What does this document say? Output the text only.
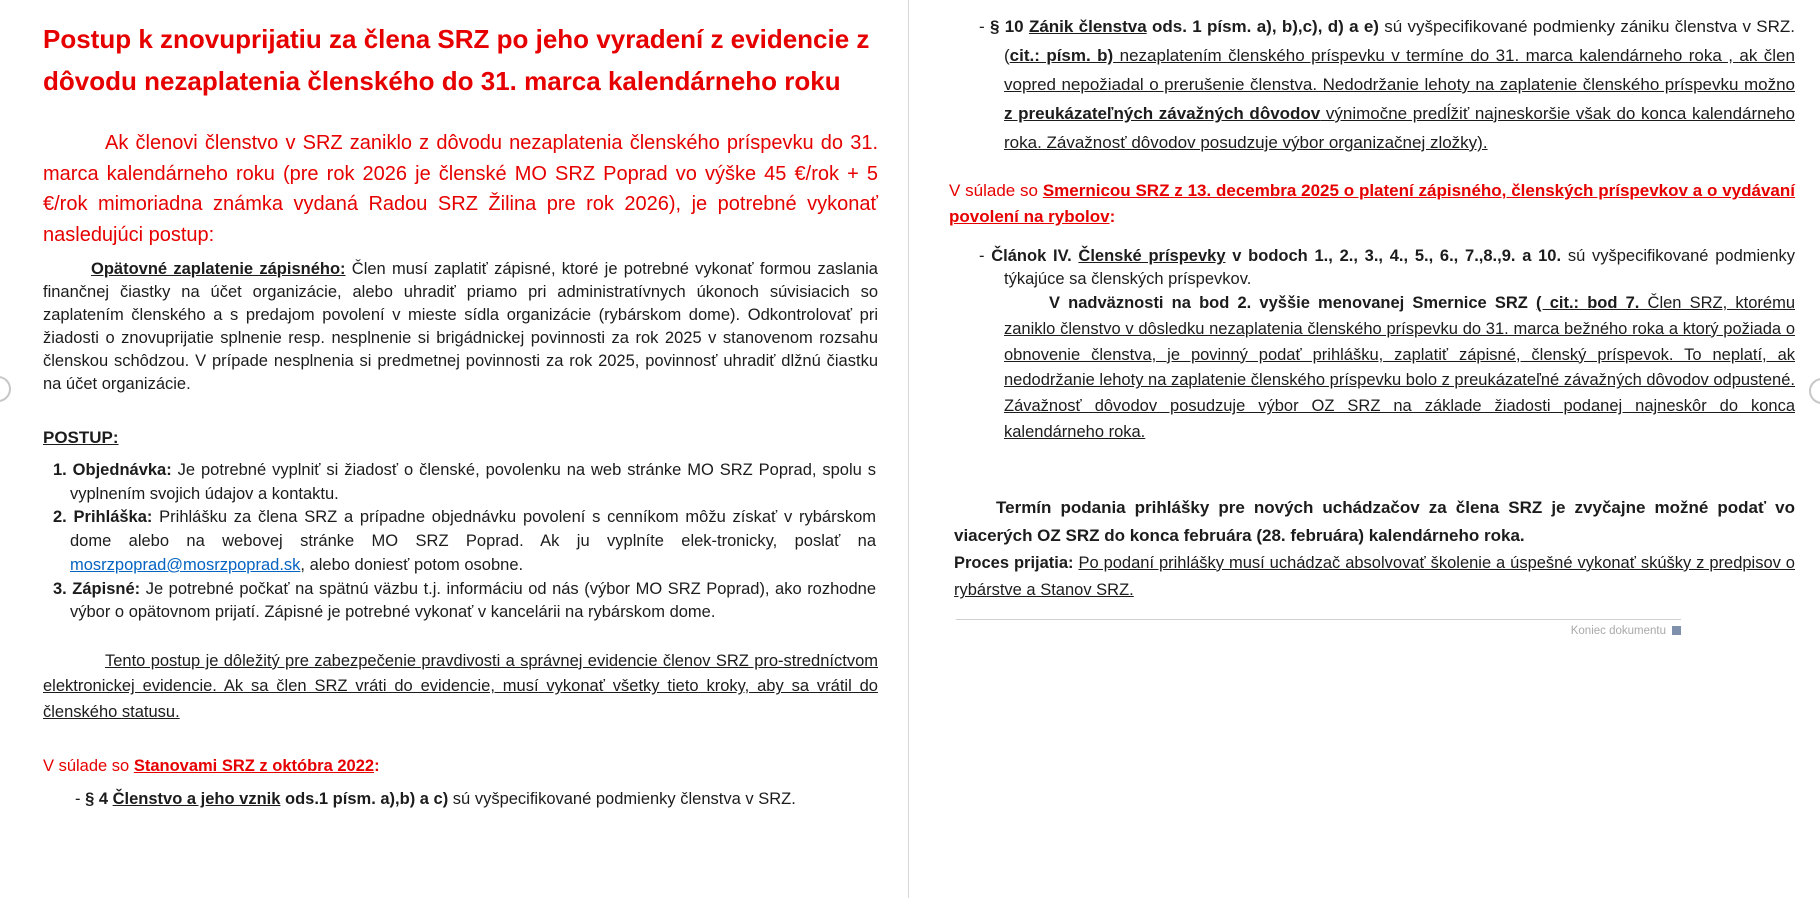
Postup k znovuprijatiu za člena SRZ po jeho vyradení z evidencie z dôvodu nezaplatenia členského do 31. marca kalendárneho roku
Ak členovi členstvo v SRZ zaniklo z dôvodu nezaplatenia členského príspevku do 31. marca kalendárneho roku (pre rok 2026 je členské MO SRZ Poprad vo výške 45 €/rok + 5 €/rok mimoriadna známka vydaná Radou SRZ Žilina pre rok 2026), je potrebné vykonať nasledujúci postup:
Opätovné zaplatenie zápisného: Člen musí zaplatiť zápisné, ktoré je potrebné vykonať formou zaslania finančnej čiastky na účet organizácie, alebo uhradiť priamo pri administratívnych úkonoch súvisiacich so zaplatením členského a s predajom povolení v mieste sídla organizácie (rybárskom dome). Odkontrolovať pri žiadosti o znovuprijatie splnenie resp. nesplnenie si brigádnickej povinnosti za rok 2025 v stanovenom rozsahu členskou schôdzou. V prípade nesplnenia si predmetnej povinnosti za rok 2025, povinnosť uhradiť dlžnú čiastku na účet organizácie.
POSTUP:
1. Objednávka: Je potrebné vyplniť si žiadosť o členské, povolenku na web stránke MO SRZ Poprad, spolu s vyplnením svojich údajov a kontaktu.
2. Prihláška: Prihlášku za člena SRZ a prípadne objednávku povolení s cenníkom môžu získať v rybárskom dome alebo na webovej stránke MO SRZ Poprad. Ak ju vyplníte elek-tronicky, poslať na mosrzpoprad@mosrzpoprad.sk, alebo doniesť potom osobne.
3. Zápisné: Je potrebné počkať na spätnú väzbu t.j. informáciu od nás (výbor MO SRZ Poprad), ako rozhodne výbor o opätovnom prijatí. Zápisné je potrebné vykonať v kancelárii na rybárskom dome.
Tento postup je dôležitý pre zabezpečenie pravdivosti a správnej evidencie členov SRZ pro-stredníctvom elektronickej evidencie. Ak sa člen SRZ vráti do evidencie, musí vykonať všetky tieto kroky, aby sa vrátil do členského statusu.
V súlade so Stanovami SRZ z októbra 2022:
- § 4 Členstvo a jeho vznik ods.1 písm. a),b) a c) sú vyšpecifikované podmienky členstva v SRZ.
- § 10 Zánik členstva ods. 1 písm. a), b),c), d) a e) sú vyšpecifikované podmienky zániku členstva v SRZ. (cit.: písm. b) nezaplatením členského príspevku v termíne do 31. marca kalendárneho roka , ak člen vopred nepožiadal o prerušenie členstva. Nedodržanie lehoty na zaplatenie členského príspevku možno z preukázateľných závažných dôvodov výnimočne predĺžiť najneskoršie však do konca kalendárneho roka. Závažnosť dôvodov posudzuje výbor organizačnej zložky).
V súlade so Smernicou SRZ z 13. decembra 2025 o platení zápisného, členských príspevkov a o vydávaní povolení na rybolov:
- Článok IV. Členské príspevky v bodoch 1., 2., 3., 4., 5., 6., 7.,8.,9. a 10. sú vyšpecifikované podmienky týkajúce sa členských príspevkov.
V nadväznosti na bod 2. vyššie menovanej Smernice SRZ ( cit.: bod 7. Člen SRZ, ktorému zaniklo členstvo v dôsledku nezaplatenia členského príspevku do 31. marca bežného roka a ktorý požiada o obnovenie členstva, je povinný podať prihlášku, zaplatiť zápisné, členský príspevok. To neplatí, ak nedodržanie lehoty na zaplatenie členského príspevku bolo z preukázateľné závažných dôvodov odpustené. Závažnosť dôvodov posudzuje výbor OZ SRZ na základe žiadosti podanej najneskôr do konca kalendárneho roka.
Termín podania prihlášky pre nových uchádzačov za člena SRZ je zvyčajne možné podať vo viacerých OZ SRZ do konca februára (28. februára) kalendárneho roka.
Proces prijatia: Po podaní prihlášky musí uchádzač absolvovať školenie a úspešné vykonať skúšky z predpisov o rybárstve a Stanov SRZ.
Koniec dokumentu
